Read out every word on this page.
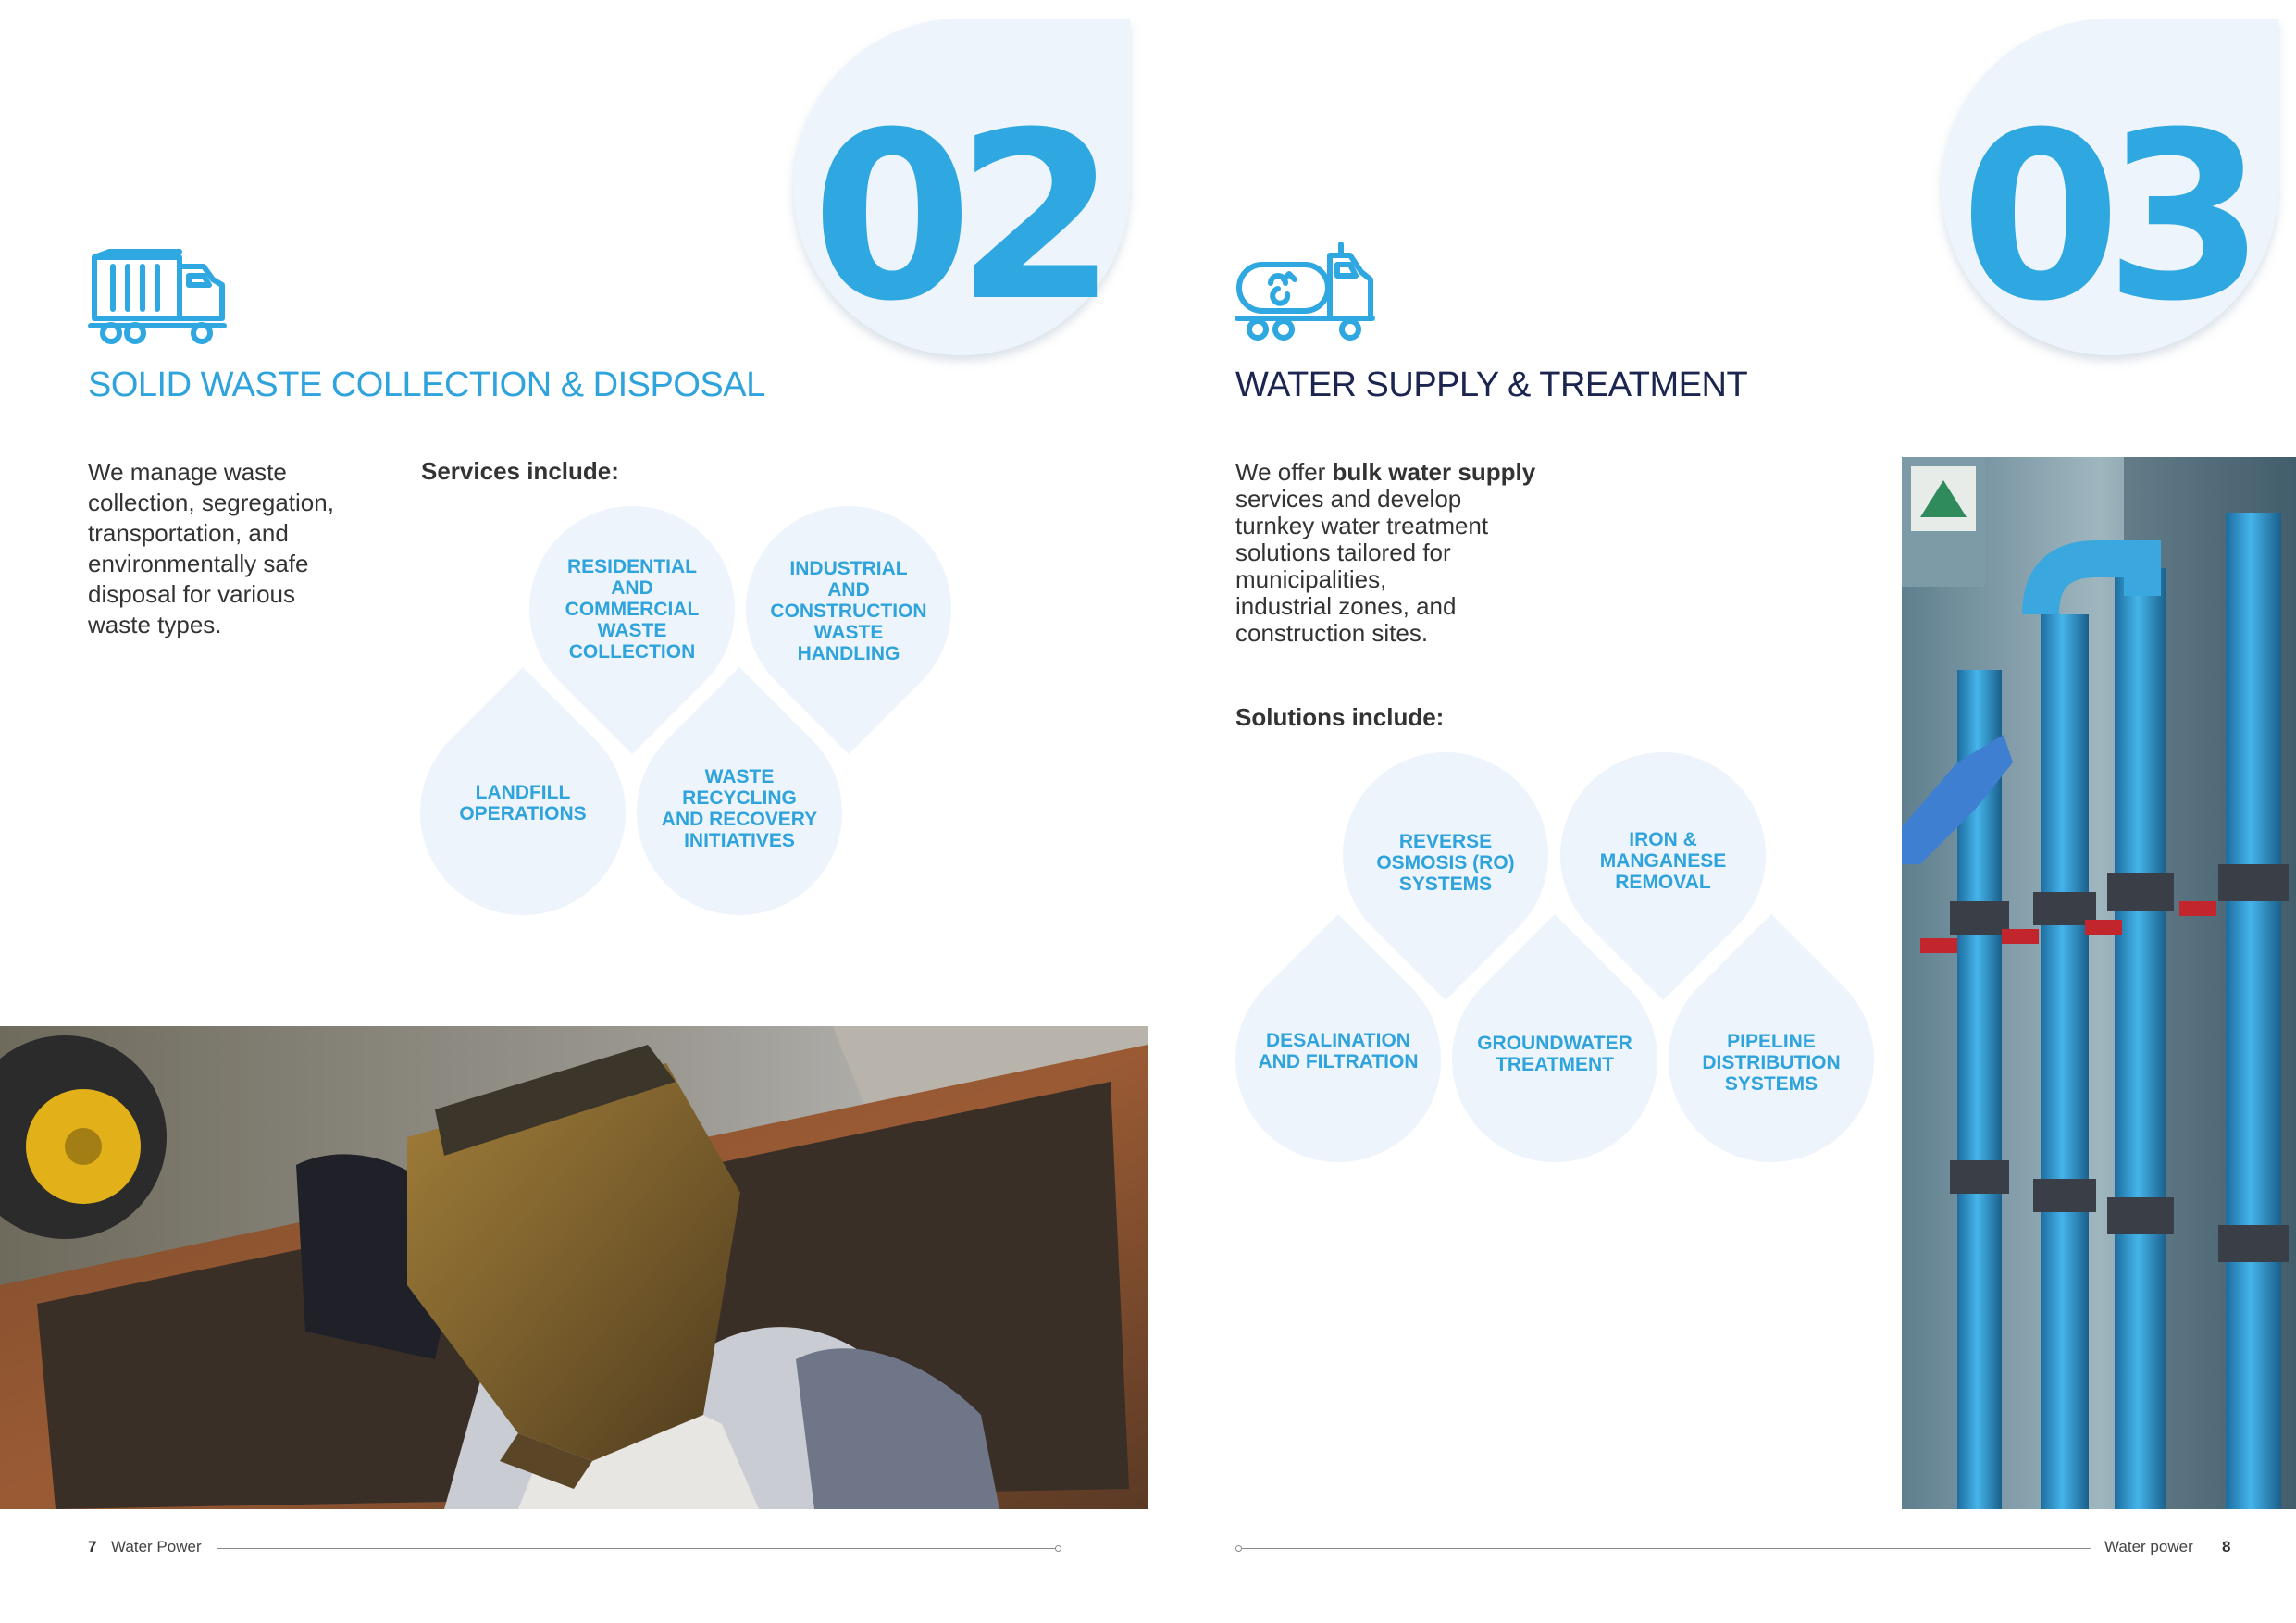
02
SOLID WASTE COLLECTION & DISPOSAL
We manage waste
collection, segregation,
transportation, and
environmentally safe
disposal for various
waste types.
Services include:
RESIDENTIAL
AND
COMMERCIAL
WASTE
COLLECTION
INDUSTRIAL
AND
CONSTRUCTION
WASTE
HANDLING
LANDFILL
OPERATIONS
WASTE RECYCLING
AND RECOVERY
INITIATIVES
7 Water Power
03
WATER SUPPLY & TREATMENT
We offer bulk water supply
services and develop
turnkey water treatment
solutions tailored for
municipalities,
industrial zones, and
construction sites.
Solutions include:
REVERSE
OSMOSIS (RO)
SYSTEMS
IRON &
MANGANESE
REMOVAL
DESALINATION
AND FILTRATION
GROUNDWATER
TREATMENT
PIPELINE
DISTRIBUTION
SYSTEMS
Water power 8
